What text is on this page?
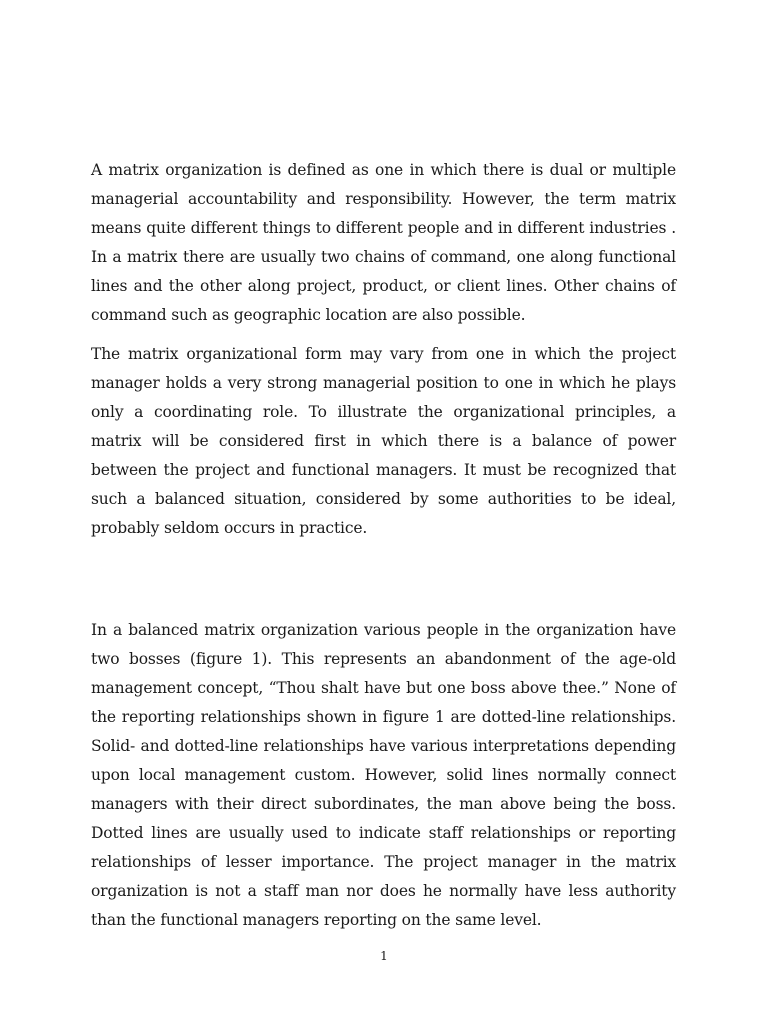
A matrix organization is defined as one in which there is dual or multiple managerial accountability and responsibility. However, the term matrix means quite different things to different people and in different industries . In a matrix there are usually two chains of command, one along functional lines and the other along project, product, or client lines. Other chains of command such as geographic location are also possible.

The matrix organizational form may vary from one in which the project manager holds a very strong managerial position to one in which he plays only a coordinating role. To illustrate the organizational principles, a matrix will be considered first in which there is a balance of power between the project and functional managers. It must be recognized that such a balanced situation, considered by some authorities to be ideal, probably seldom occurs in practice.

In a balanced matrix organization various people in the organization have two bosses (figure 1). This represents an abandonment of the age-old management concept, “Thou shalt have but one boss above thee.” None of the reporting relationships shown in figure 1 are dotted-line relationships. Solid- and dotted-line relationships have various interpretations depending upon local management custom. However, solid lines normally connect managers with their direct subordinates, the man above being the boss. Dotted lines are usually used to indicate staff relationships or reporting relationships of lesser importance. The project manager in the matrix organization is not a staff man nor does he normally have less authority than the functional managers reporting on the same level.

1
